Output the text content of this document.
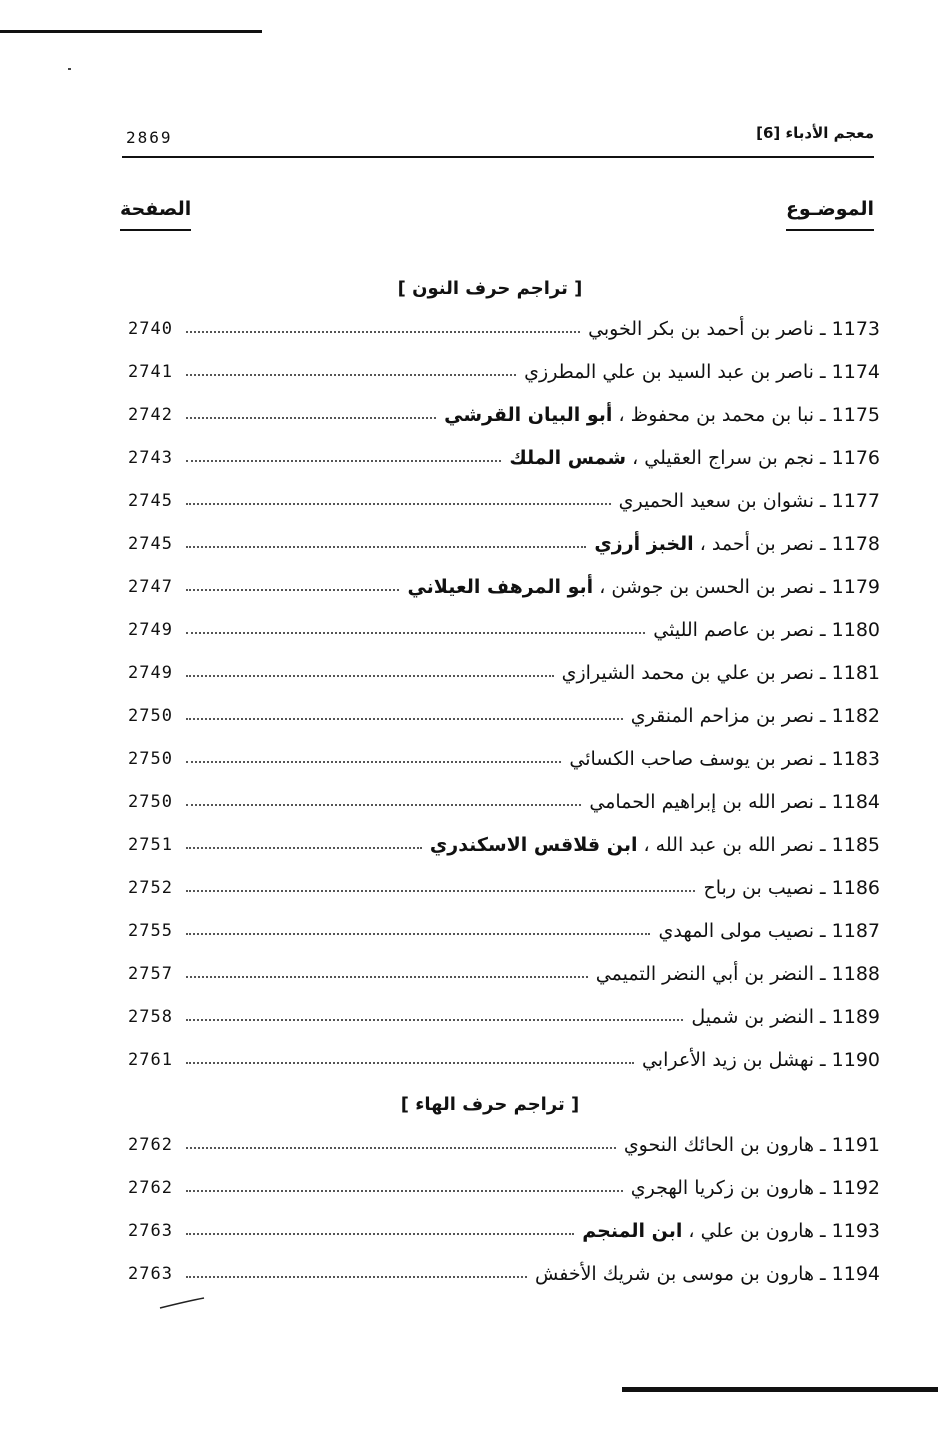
2869	معجم الأدباء [6]
الموضـوع
الصفحة
[ تراجم حرف النون ]
1173 ـ ناصر بن أحمد بن بكر الخوبي
2740
1174 ـ ناصر بن عبد السيد بن علي المطرزي
2741
1175 ـ نبا بن محمد بن محفوظ ، أبو البيان القرشي
2742
1176 ـ نجم بن سراج العقيلي ، شمس الملك
2743
1177 ـ نشوان بن سعيد الحميري
2745
1178 ـ نصر بن أحمد ، الخبز أرزي
2745
1179 ـ نصر بن الحسن بن جوشن ، أبو المرهف العيلاني
2747
1180 ـ نصر بن عاصم الليثي
2749
1181 ـ نصر بن علي بن محمد الشيرازي
2749
1182 ـ نصر بن مزاحم المنقري
2750
1183 ـ نصر بن يوسف صاحب الكسائي
2750
1184 ـ نصر الله بن إبراهيم الحمامي
2750
1185 ـ نصر الله بن عبد الله ، ابن قلاقس الاسكندري
2751
1186 ـ نصيب بن رباح
2752
1187 ـ نصيب مولى المهدي
2755
1188 ـ النضر بن أبي النضر التميمي
2757
1189 ـ النضر بن شميل
2758
1190 ـ نهشل بن زيد الأعرابي
2761
[ تراجم حرف الهاء ]
1191 ـ هارون بن الحائك النحوي
2762
1192 ـ هارون بن زكريا الهجري
2762
1193 ـ هارون بن علي ، ابن المنجم
2763
1194 ـ هارون بن موسى بن شريك الأخفش
2763
